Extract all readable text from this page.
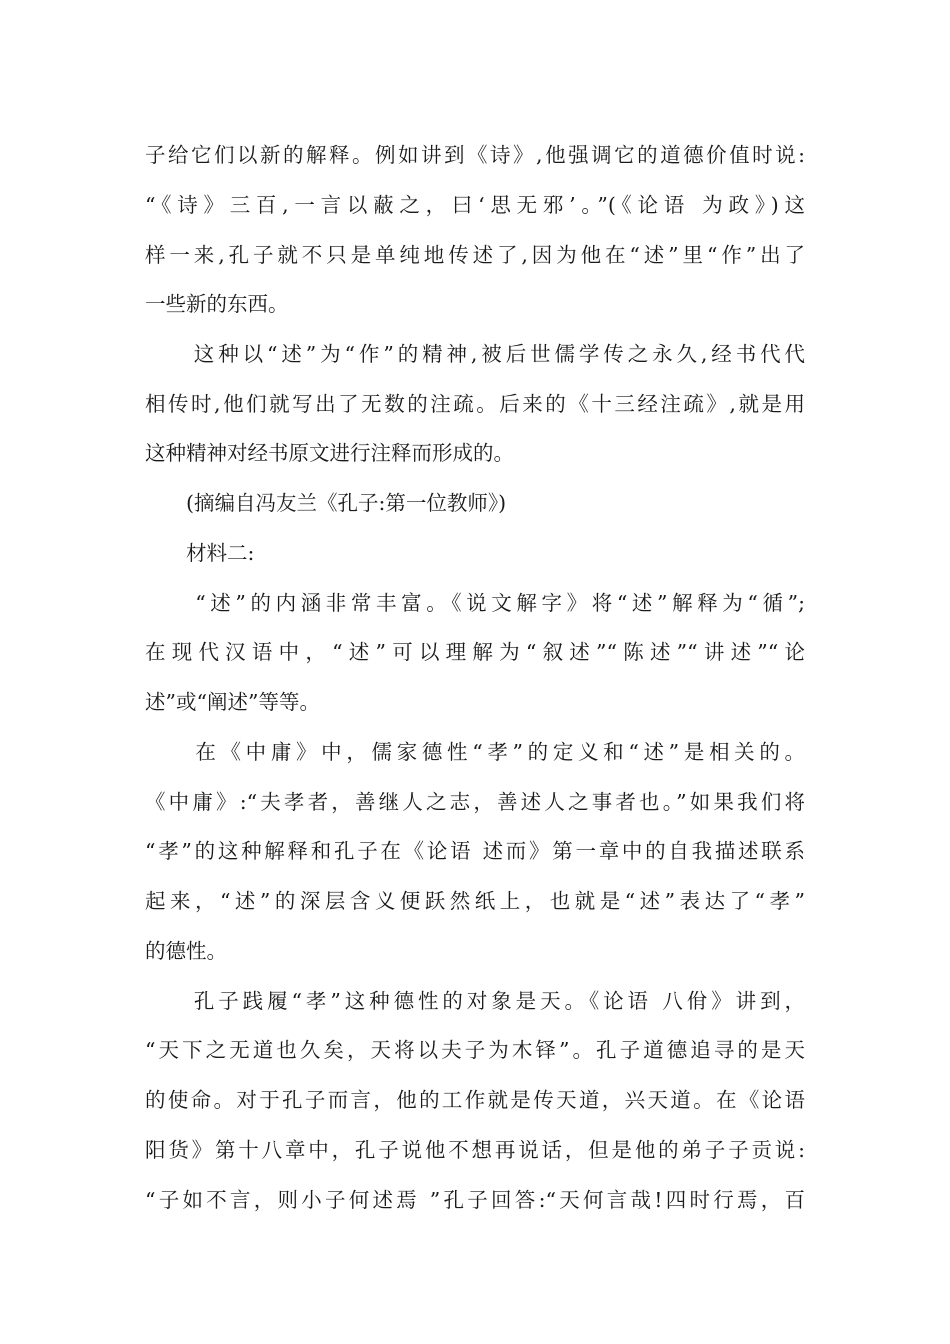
子给它们以新的解释。例如讲到《诗》,他强调它的道德价值时说:
“《诗》三百,一言以蔽之，曰‘思无邪’。”(《论语 为政》)这
样一来,孔子就不只是单纯地传述了,因为他在“述”里“作”出了
一些新的东西。
　　这种以“述”为“作”的精神,被后世儒学传之永久,经书代代
相传时,他们就写出了无数的注疏。后来的《十三经注疏》,就是用
这种精神对经书原文进行注释而形成的。
　　(摘编自冯友兰《孔子:第一位教师》)
　　材料二:
　　“述”的内涵非常丰富。《说文解字》将“述”解释为“循”;
在现代汉语中，“述”可以理解为“叙述”“陈述”“讲述”“论
述”或“阐述”等等。
　　在《中庸》中，儒家德性“孝”的定义和“述”是相关的。
《中庸》:“夫孝者，善继人之志，善述人之事者也。”如果我们将
“孝”的这种解释和孔子在《论语 述而》第一章中的自我描述联系
起来，“述”的深层含义便跃然纸上，也就是“述”表达了“孝”
的德性。
　　孔子践履“孝”这种德性的对象是天。《论语 八佾》讲到，
“天下之无道也久矣，天将以夫子为木铎”。孔子道德追寻的是天
的使命。对于孔子而言，他的工作就是传天道，兴天道。在《论语
阳货》第十八章中，孔子说他不想再说话，但是他的弟子子贡说:
“子如不言，则小子何述焉 ”孔子回答:“天何言哉!四时行焉，百
